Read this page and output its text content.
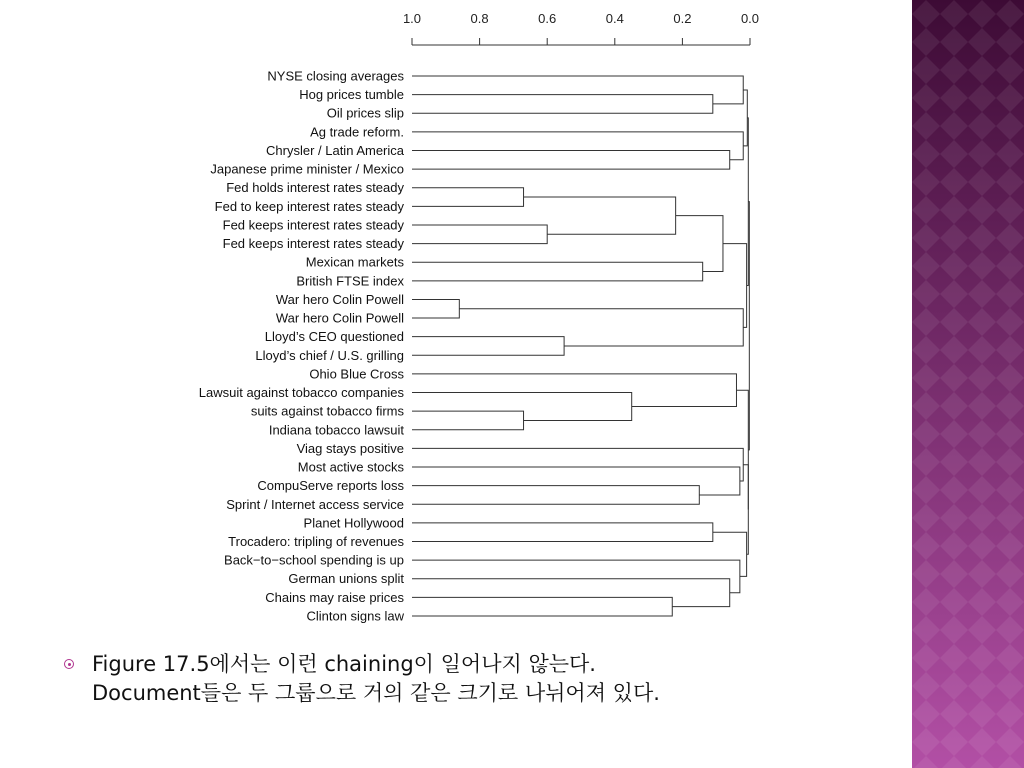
1.0	0.8	0.6	0.4	0.2	0.0
NYSE closing averages
Hog prices tumble
Oil prices slip
Ag trade reform.
Chrysler / Latin America
Japanese prime minister / Mexico
Fed holds interest rates steady
Fed to keep interest rates steady
Fed keeps interest rates steady
Fed keeps interest rates steady
Mexican markets
British FTSE index
War hero Colin Powell
War hero Colin Powell
Lloyd’s CEO questioned
Lloyd’s chief / U.S. grilling
Ohio Blue Cross
Lawsuit against tobacco companies
suits against tobacco firms
Indiana tobacco lawsuit
Viag stays positive
Most active stocks
CompuServe reports loss
Sprint / Internet access service
Planet Hollywood
Trocadero: tripling of revenues
Back−to−school spending is up
German unions split
Chains may raise prices
Clinton signs law
Figure 17.5에서는 이런 chaining이 일어나지 않는다.
Document들은 두 그룹으로 거의 같은 크기로 나뉘어져 있다.
